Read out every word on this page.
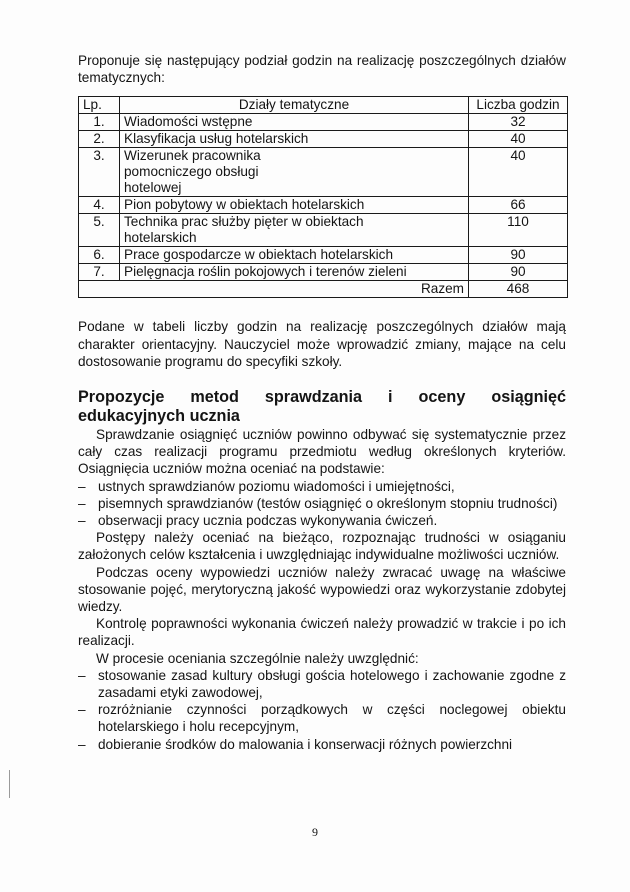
Proponuje się następujący podział godzin na realizację poszczególnych działów tematycznych:

Lp.	Działy tematyczne	Liczba godzin
1.	Wiadomości wstępne	32
2.	Klasyfikacja usług hotelarskich	40
3.	Wizerunek pracownika pomocniczego obsługi hotelowej	40
4.	Pion pobytowy w obiektach hotelarskich	66
5.	Technika prac służby pięter w obiektach hotelarskich	110
6.	Prace gospodarcze w obiektach hotelarskich	90
7.	Pielęgnacja roślin pokojowych i terenów zieleni	90
Razem		468

Podane w tabeli liczby godzin na realizację poszczególnych działów mają charakter orientacyjny. Nauczyciel może wprowadzić zmiany, mające na celu dostosowanie programu do specyfiki szkoły.

Propozycje metod sprawdzania i oceny osiągnięć
edukacyjnych ucznia

Sprawdzanie osiągnięć uczniów powinno odbywać się systematycznie przez cały czas realizacji programu przedmiotu według określonych kryteriów. Osiągnięcia uczniów można oceniać na podstawie:

– ustnych sprawdzianów poziomu wiadomości i umiejętności,
– pisemnych sprawdzianów (testów osiągnięć o określonym stopniu trudności)
– obserwacji pracy ucznia podczas wykonywania ćwiczeń.

Postępy należy oceniać na bieżąco, rozpoznając trudności w osiąganiu założonych celów kształcenia i uwzględniając indywidualne możliwości uczniów.

Podczas oceny wypowiedzi uczniów należy zwracać uwagę na właściwe stosowanie pojęć, merytoryczną jakość wypowiedzi oraz wykorzystanie zdobytej wiedzy.

Kontrolę poprawności wykonania ćwiczeń należy prowadzić w trakcie i po ich realizacji.

W procesie oceniania szczególnie należy uwzględnić:

– stosowanie zasad kultury obsługi gościa hotelowego i zachowanie zgodne z zasadami etyki zawodowej,
– rozróżnianie czynności porządkowych w części noclegowej obiektu hotelarskiego i holu recepcyjnym,
– dobieranie środków do malowania i konserwacji różnych powierzchni
9
